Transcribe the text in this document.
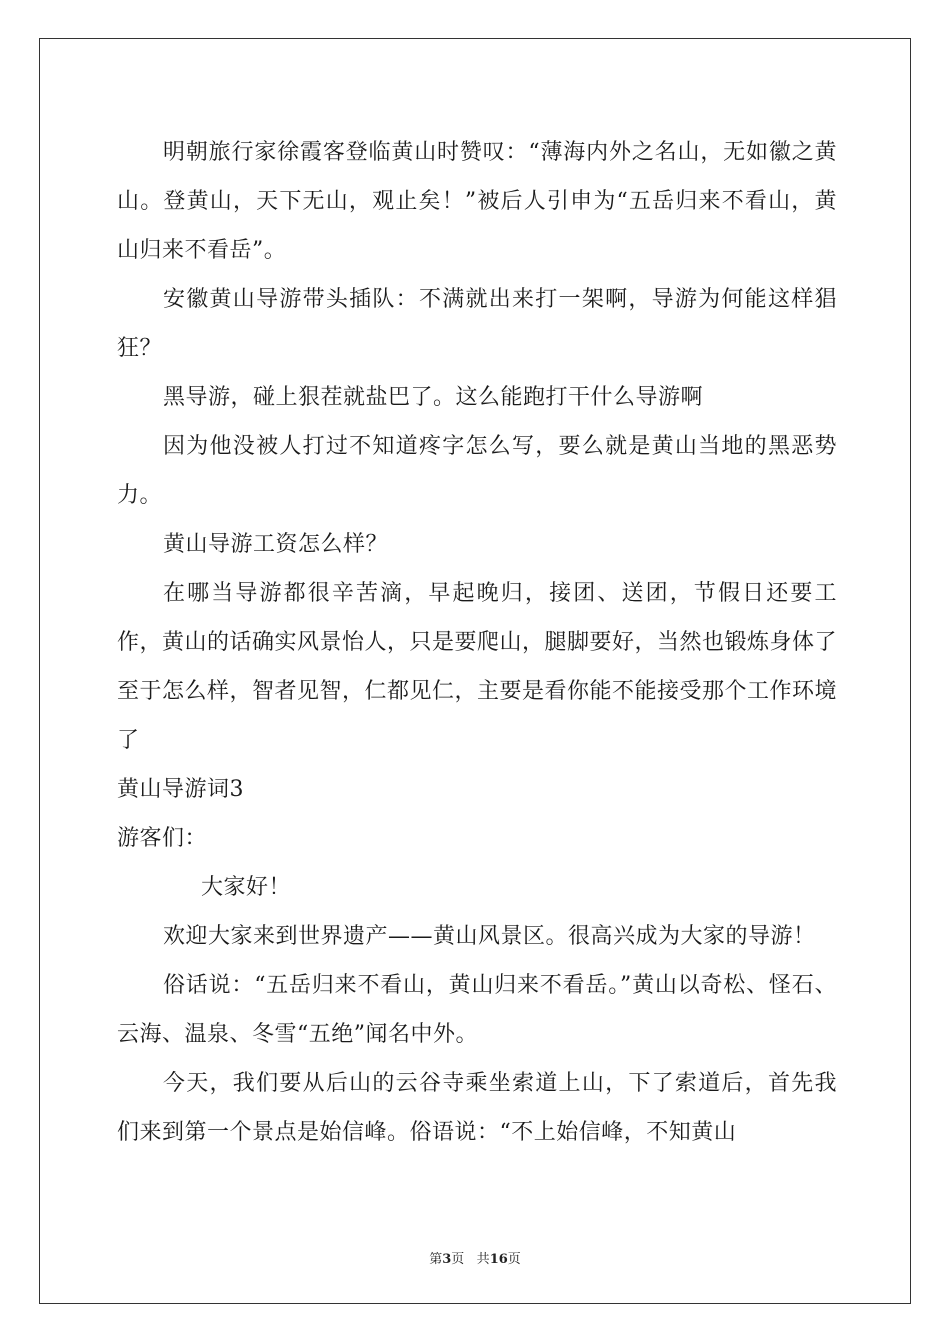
明朝旅行家徐霞客登临黄山时赞叹：“薄海内外之名山，无如徽之黄山。登黄山，天下无山，观止矣！”被后人引申为“五岳归来不看山，黄山归来不看岳”。

安徽黄山导游带头插队：不满就出来打一架啊，导游为何能这样猖狂？

黑导游，碰上狠茬就盐巴了。这么能跑打干什么导游啊

因为他没被人打过不知道疼字怎么写，要么就是黄山当地的黑恶势力。

黄山导游工资怎么样？

在哪当导游都很辛苦滴，早起晚归，接团、送团，节假日还要工作，黄山的话确实风景怡人，只是要爬山，腿脚要好，当然也锻炼身体了至于怎么样，智者见智，仁都见仁，主要是看你能不能接受那个工作环境了

黄山导游词3

游客们：

大家好！

欢迎大家来到世界遗产——黄山风景区。很高兴成为大家的导游！

俗话说：“五岳归来不看山，黄山归来不看岳。”黄山以奇松、怪石、云海、温泉、冬雪“五绝”闻名中外。

今天，我们要从后山的云谷寺乘坐索道上山，下了索道后，首先我们来到第一个景点是始信峰。俗语说：“不上始信峰，不知黄山

第3页 共16页
